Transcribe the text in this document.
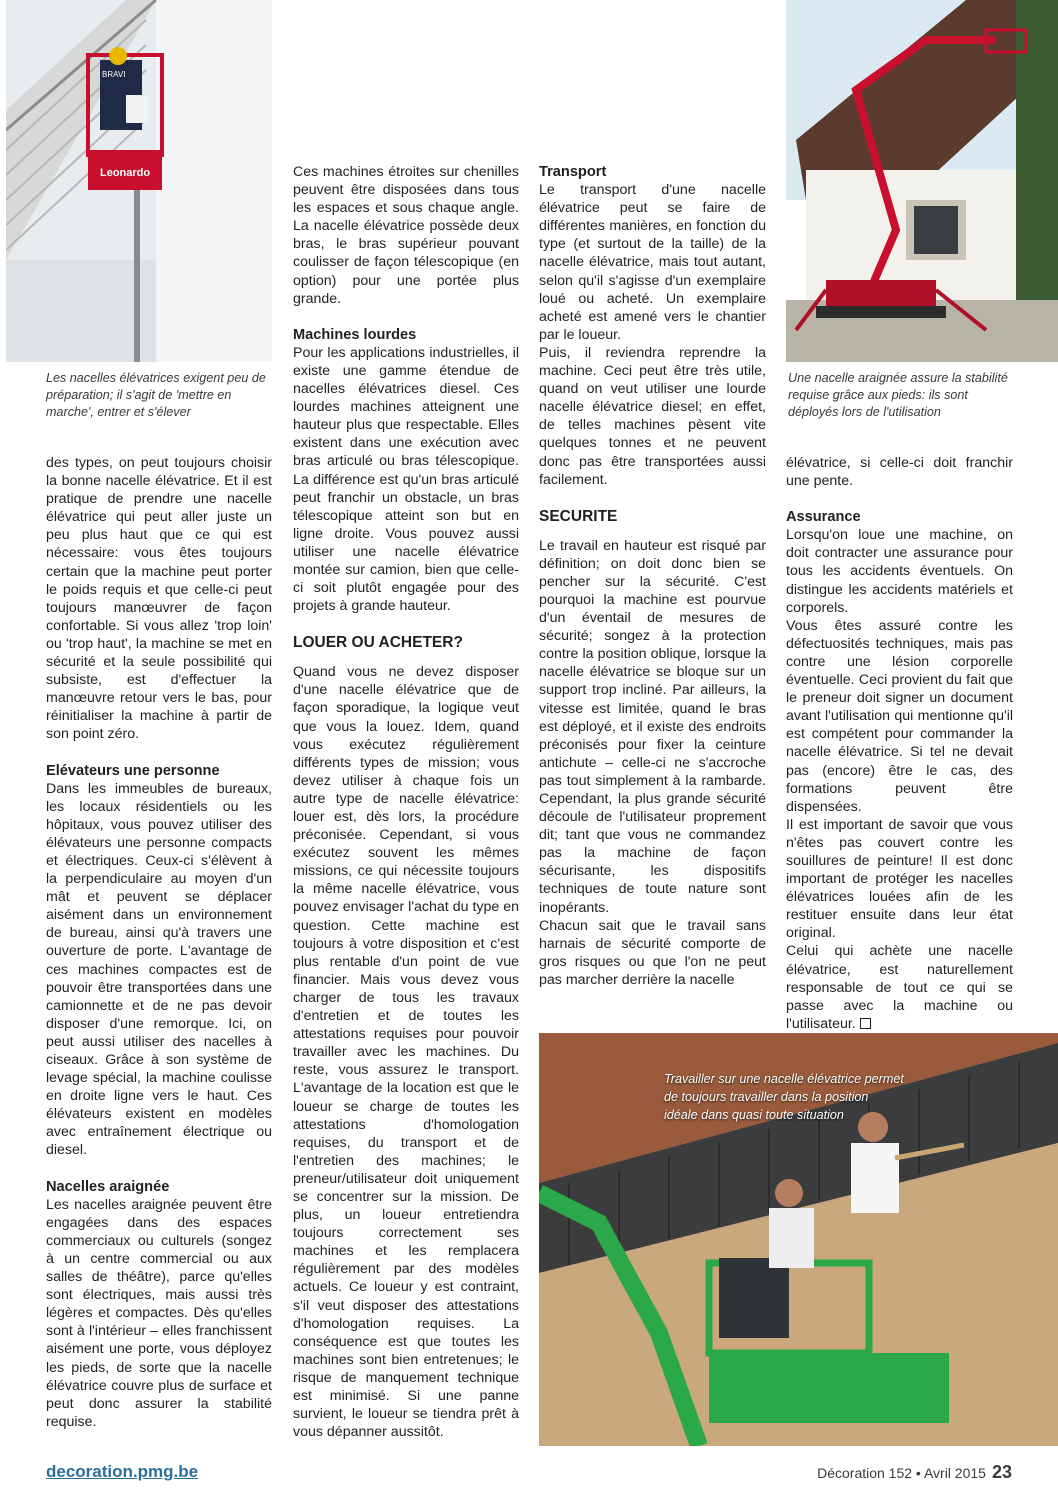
Leonardo
BRAVI
Les nacelles élévatrices exigent peu de préparation; il s'agit de 'mettre en marche', entrer et s'élever
Une nacelle araignée assure la stabilité requise grâce aux pieds: ils sont déployés lors de l'utilisation

des types, on peut toujours choisir la bonne nacelle élévatrice. Et il est pratique de prendre une nacelle élévatrice qui peut aller juste un peu plus haut que ce qui est nécessaire: vous êtes toujours certain que la machine peut porter le poids requis et que celle-ci peut toujours manœuvrer de façon confortable. Si vous allez 'trop loin' ou 'trop haut', la machine se met en sécurité et la seule possibilité qui subsiste, est d'effectuer la manœuvre retour vers le bas, pour réinitialiser la machine à partir de son point zéro.

Elévateurs une personne

Dans les immeubles de bureaux, les locaux résidentiels ou les hôpitaux, vous pouvez utiliser des élévateurs une personne compacts et électriques. Ceux-ci s'élèvent à la perpendiculaire au moyen d'un mât et peuvent se déplacer aisément dans un environnement de bureau, ainsi qu'à travers une ouverture de porte. L'avantage de ces machines compactes est de pouvoir être transportées dans une camionnette et de ne pas devoir disposer d'une remorque. Ici, on peut aussi utiliser des nacelles à ciseaux. Grâce à son système de levage spécial, la machine coulisse en droite ligne vers le haut. Ces élévateurs existent en modèles avec entraînement électrique ou diesel.

Nacelles araignée

Les nacelles araignée peuvent être engagées dans des espaces commerciaux ou culturels (songez à un centre commercial ou aux salles de théâtre), parce qu'elles sont électriques, mais aussi très légères et compactes. Dès qu'elles sont à l'intérieur – elles franchissent aisément une porte, vous déployez les pieds, de sorte que la nacelle élévatrice couvre plus de surface et peut donc assurer la stabilité requise.

Ces machines étroites sur chenilles peuvent être disposées dans tous les espaces et sous chaque angle. La nacelle élévatrice possède deux bras, le bras supérieur pouvant coulisser de façon télescopique (en option) pour une portée plus grande.

Machines lourdes

Pour les applications industrielles, il existe une gamme étendue de nacelles élévatrices diesel. Ces lourdes machines atteignent une hauteur plus que respectable. Elles existent dans une exécution avec bras articulé ou bras télescopique. La différence est qu'un bras articulé peut franchir un obstacle, un bras télescopique atteint son but en ligne droite. Vous pouvez aussi utiliser une nacelle élévatrice montée sur camion, bien que celle-ci soit plutôt engagée pour des projets à grande hauteur.

LOUER OU ACHETER?

Quand vous ne devez disposer d'une nacelle élévatrice que de façon sporadique, la logique veut que vous la louez. Idem, quand vous exécutez régulièrement différents types de mission; vous devez utiliser à chaque fois un autre type de nacelle élévatrice: louer est, dès lors, la procédure préconisée. Cependant, si vous exécutez souvent les mêmes missions, ce qui nécessite toujours la même nacelle élévatrice, vous pouvez envisager l'achat du type en question. Cette machine est toujours à votre disposition et c'est plus rentable d'un point de vue financier. Mais vous devez vous charger de tous les travaux d'entretien et de toutes les attestations requises pour pouvoir travailler avec les machines. Du reste, vous assurez le transport. L'avantage de la location est que le loueur se charge de toutes les attestations d'homologation requises, du transport et de l'entretien des machines; le preneur/utilisateur doit uniquement se concentrer sur la mission. De plus, un loueur entretiendra toujours correctement ses machines et les remplacera régulièrement par des modèles actuels. Ce loueur y est contraint, s'il veut disposer des attestations d'homologation requises. La conséquence est que toutes les machines sont bien entretenues; le risque de manquement technique est minimisé. Si une panne survient, le loueur se tiendra prêt à vous dépanner aussitôt.

Transport

Le transport d'une nacelle élévatrice peut se faire de différentes manières, en fonction du type (et surtout de la taille) de la nacelle élévatrice, mais tout autant, selon qu'il s'agisse d'un exemplaire loué ou acheté. Un exemplaire acheté est amené vers le chantier par le loueur.

Puis, il reviendra reprendre la machine. Ceci peut être très utile, quand on veut utiliser une lourde nacelle élévatrice diesel; en effet, de telles machines pèsent vite quelques tonnes et ne peuvent donc pas être transportées aussi facilement.

SECURITE

Le travail en hauteur est risqué par définition; on doit donc bien se pencher sur la sécurité. C'est pourquoi la machine est pourvue d'un éventail de mesures de sécurité; songez à la protection contre la position oblique, lorsque la nacelle élévatrice se bloque sur un support trop incliné. Par ailleurs, la vitesse est limitée, quand le bras est déployé, et il existe des endroits préconisés pour fixer la ceinture antichute – celle-ci ne s'accroche pas tout simplement à la rambarde. Cependant, la plus grande sécurité découle de l'utilisateur proprement dit; tant que vous ne commandez pas la machine de façon sécurisante, les dispositifs techniques de toute nature sont inopérants.

Chacun sait que le travail sans harnais de sécurité comporte de gros risques ou que l'on ne peut pas marcher derrière la nacelle

élévatrice, si celle-ci doit franchir une pente.

Assurance

Lorsqu'on loue une machine, on doit contracter une assurance pour tous les accidents éventuels. On distingue les accidents matériels et corporels.

Vous êtes assuré contre les défectuosités techniques, mais pas contre une lésion corporelle éventuelle. Ceci provient du fait que le preneur doit signer un document avant l'utilisation qui mentionne qu'il est compétent pour commander la nacelle élévatrice. Si tel ne devait pas (encore) être le cas, des formations peuvent être dispensées.

Il est important de savoir que vous n'êtes pas couvert contre les souillures de peinture! Il est donc important de protéger les nacelles élévatrices louées afin de les restituer ensuite dans leur état original.

Celui qui achète une nacelle élévatrice, est naturellement responsable de tout ce qui se passe avec la machine ou l'utilisateur.

Travailler sur une nacelle élévatrice permet de toujours travailler dans la position idéale dans quasi toute situation
decoration.pmg.be	Décoration 152 • Avril 2015 23
